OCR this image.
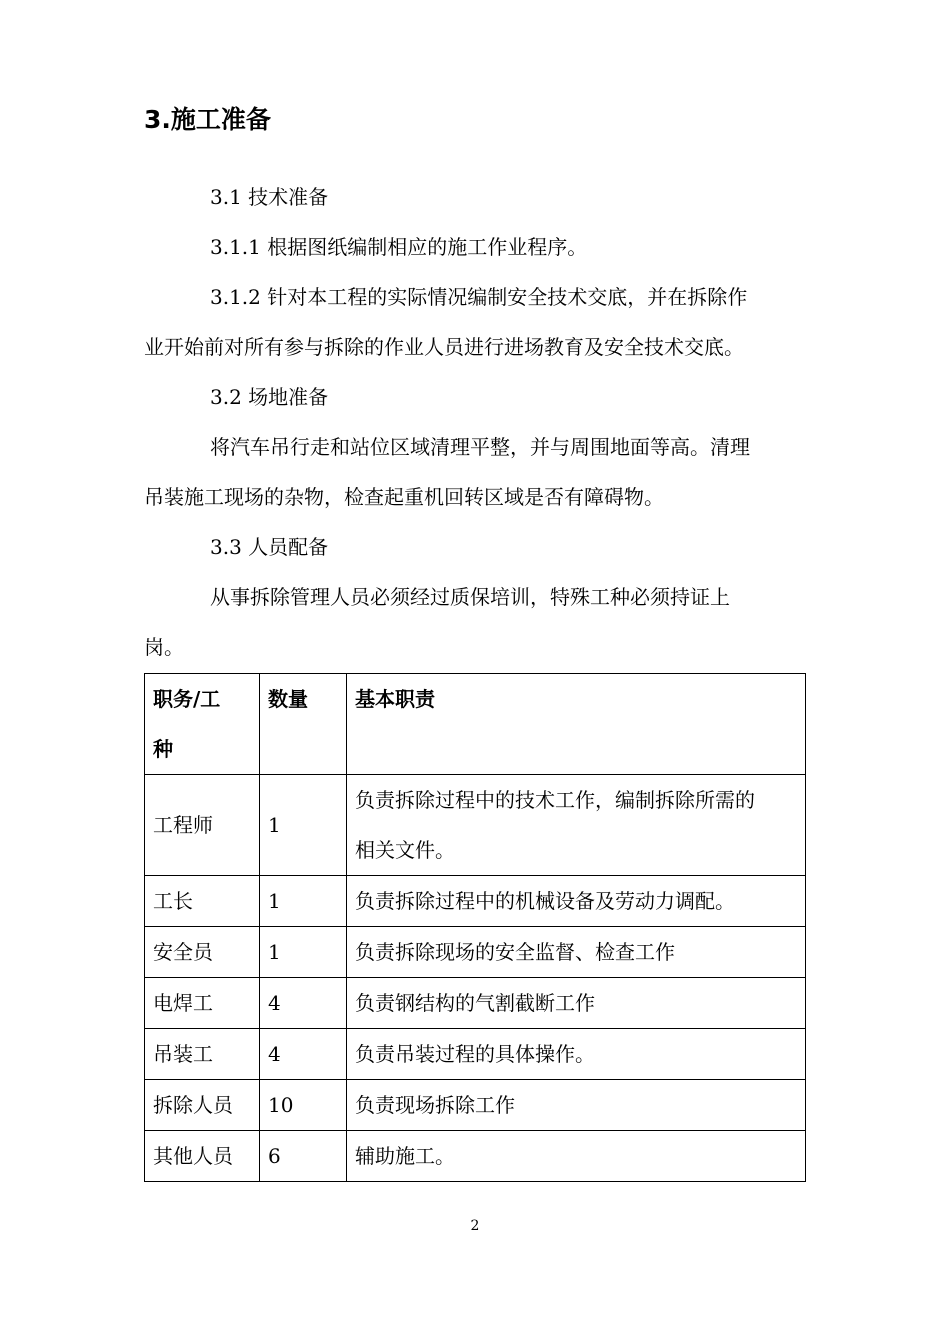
3.施工准备
3.1 技术准备
3.1.1 根据图纸编制相应的施工作业程序。
3.1.2 针对本工程的实际情况编制安全技术交底，并在拆除作
业开始前对所有参与拆除的作业人员进行进场教育及安全技术交底。
3.2 场地准备
将汽车吊行走和站位区域清理平整，并与周围地面等高。清理
吊装施工现场的杂物，检查起重机回转区域是否有障碍物。
3.3 人员配备
从事拆除管理人员必须经过质保培训，特殊工种必须持证上
岗。
职务/工
种	数量	基本职责
工程师	1	负责拆除过程中的技术工作，编制拆除所需的
相关文件。

工长	1	负责拆除过程中的机械设备及劳动力调配。
安全员	1	负责拆除现场的安全监督、检查工作
电焊工	4	负责钢结构的气割截断工作
吊装工	4	负责吊装过程的具体操作。
拆除人员	10	负责现场拆除工作
其他人员	6	辅助施工。
2
